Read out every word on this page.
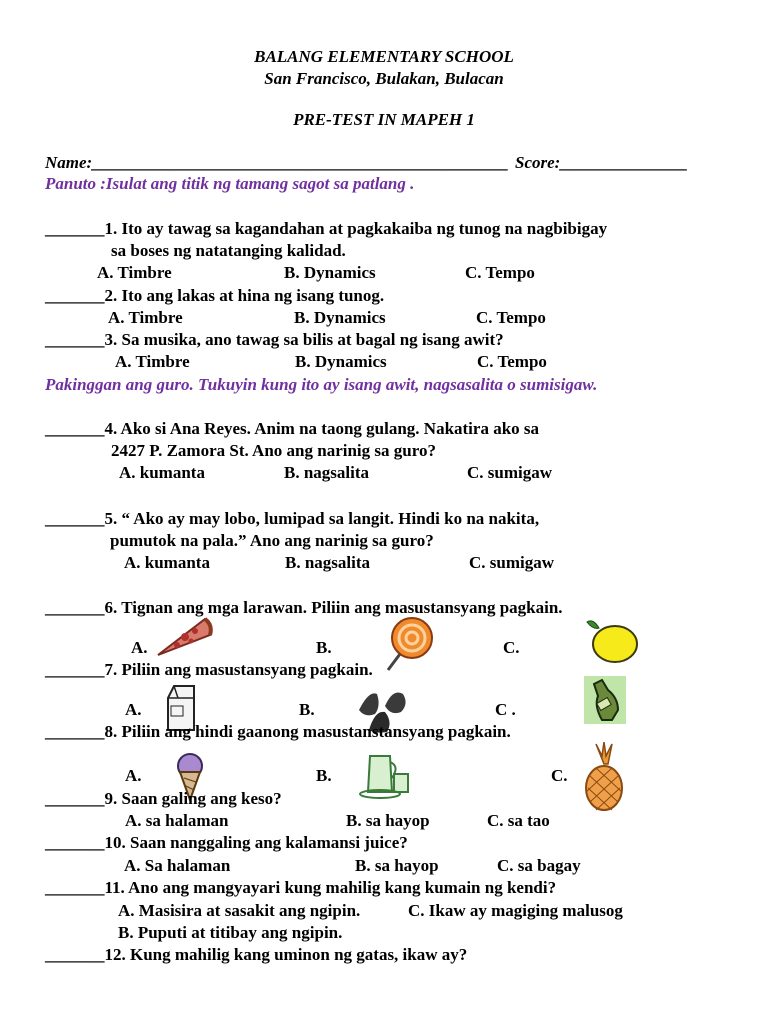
BALANG ELEMENTARY SCHOOL
San Francisco, Bulakan, Bulacan
PRE-TEST IN MAPEH 1
Name:_________________________________________________ Score:_______________
Panuto :Isulat ang titik ng tamang sagot sa patlang .
_______1. Ito ay tawag sa kagandahan at pagkakaiba ng tunog na nagbibigay
sa boses ng natatanging kalidad.
A. Timbre	B. Dynamics	C. Tempo
_______2. Ito ang lakas at hina ng isang tunog.
A. Timbre	B. Dynamics	C. Tempo
_______3. Sa musika, ano tawag sa bilis at bagal ng isang awit?
A. Timbre	B. Dynamics	C. Tempo
Pakinggan ang guro. Tukuyin kung ito ay isang awit, nagsasalita o sumisigaw.
_______4. Ako si Ana Reyes. Anim na taong gulang. Nakatira ako sa
2427 P. Zamora St. Ano ang narinig sa guro?
A. kumanta	B. nagsalita	C. sumigaw
_______5. “ Ako ay may lobo, lumipad sa langit. Hindi ko na nakita,
pumutok na pala.” Ano ang narinig sa guro?
A. kumanta	B. nagsalita	C. sumigaw
_______6. Tignan ang mga larawan. Piliin ang masustansyang pagkain.
A.	B.	C.
_______7. Piliin ang masustansyang pagkain.
A.	B.	C .
_______8. Piliin ang hindi gaanong masustanstansyang pagkain.
A.	B.	C.
_______9. Saan galing ang keso?
A. sa halaman	B. sa hayop	C. sa tao
_______10. Saan nanggaling ang kalamansi juice?
A. Sa halaman	B. sa hayop	C. sa bagay
_______11. Ano ang mangyayari kung mahilig kang kumain ng kendi?
A. Masisira at sasakit ang ngipin.	C. Ikaw ay magiging malusog
B. Puputi at titibay ang ngipin.
_______12. Kung mahilig kang uminon ng gatas, ikaw ay?
